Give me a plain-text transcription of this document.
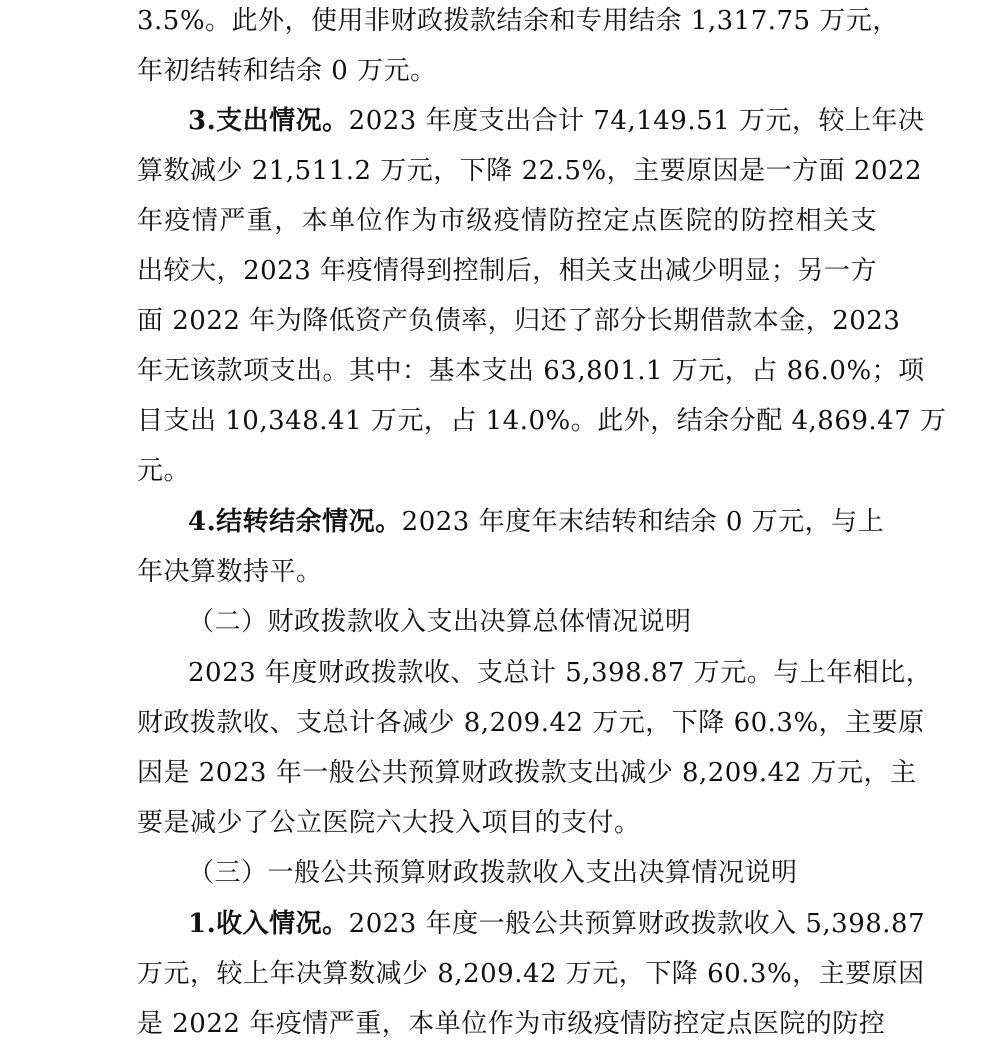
3.5%。此外，使用非财政拨款结余和专用结余 1,317.75 万元，
年初结转和结余 0 万元。
3.支出情况。2023 年度支出合计 74,149.51 万元，较上年决
算数减少 21,511.2 万元，下降 22.5%，主要原因是一方面 2022
年疫情严重，本单位作为市级疫情防控定点医院的防控相关支
出较大，2023 年疫情得到控制后，相关支出减少明显；另一方
面 2022 年为降低资产负债率，归还了部分长期借款本金，2023
年无该款项支出。其中：基本支出 63,801.1 万元，占 86.0%；项
目支出 10,348.41 万元，占 14.0%。此外，结余分配 4,869.47 万
元。
4.结转结余情况。2023 年度年末结转和结余 0 万元，与上
年决算数持平。
（二）财政拨款收入支出决算总体情况说明
2023 年度财政拨款收、支总计 5,398.87 万元。与上年相比，
财政拨款收、支总计各减少 8,209.42 万元，下降 60.3%，主要原
因是 2023 年一般公共预算财政拨款支出减少 8,209.42 万元，主
要是减少了公立医院六大投入项目的支付。
（三）一般公共预算财政拨款收入支出决算情况说明
1.收入情况。2023 年度一般公共预算财政拨款收入 5,398.87
万元，较上年决算数减少 8,209.42 万元，下降 60.3%，主要原因
是 2022 年疫情严重，本单位作为市级疫情防控定点医院的防控
